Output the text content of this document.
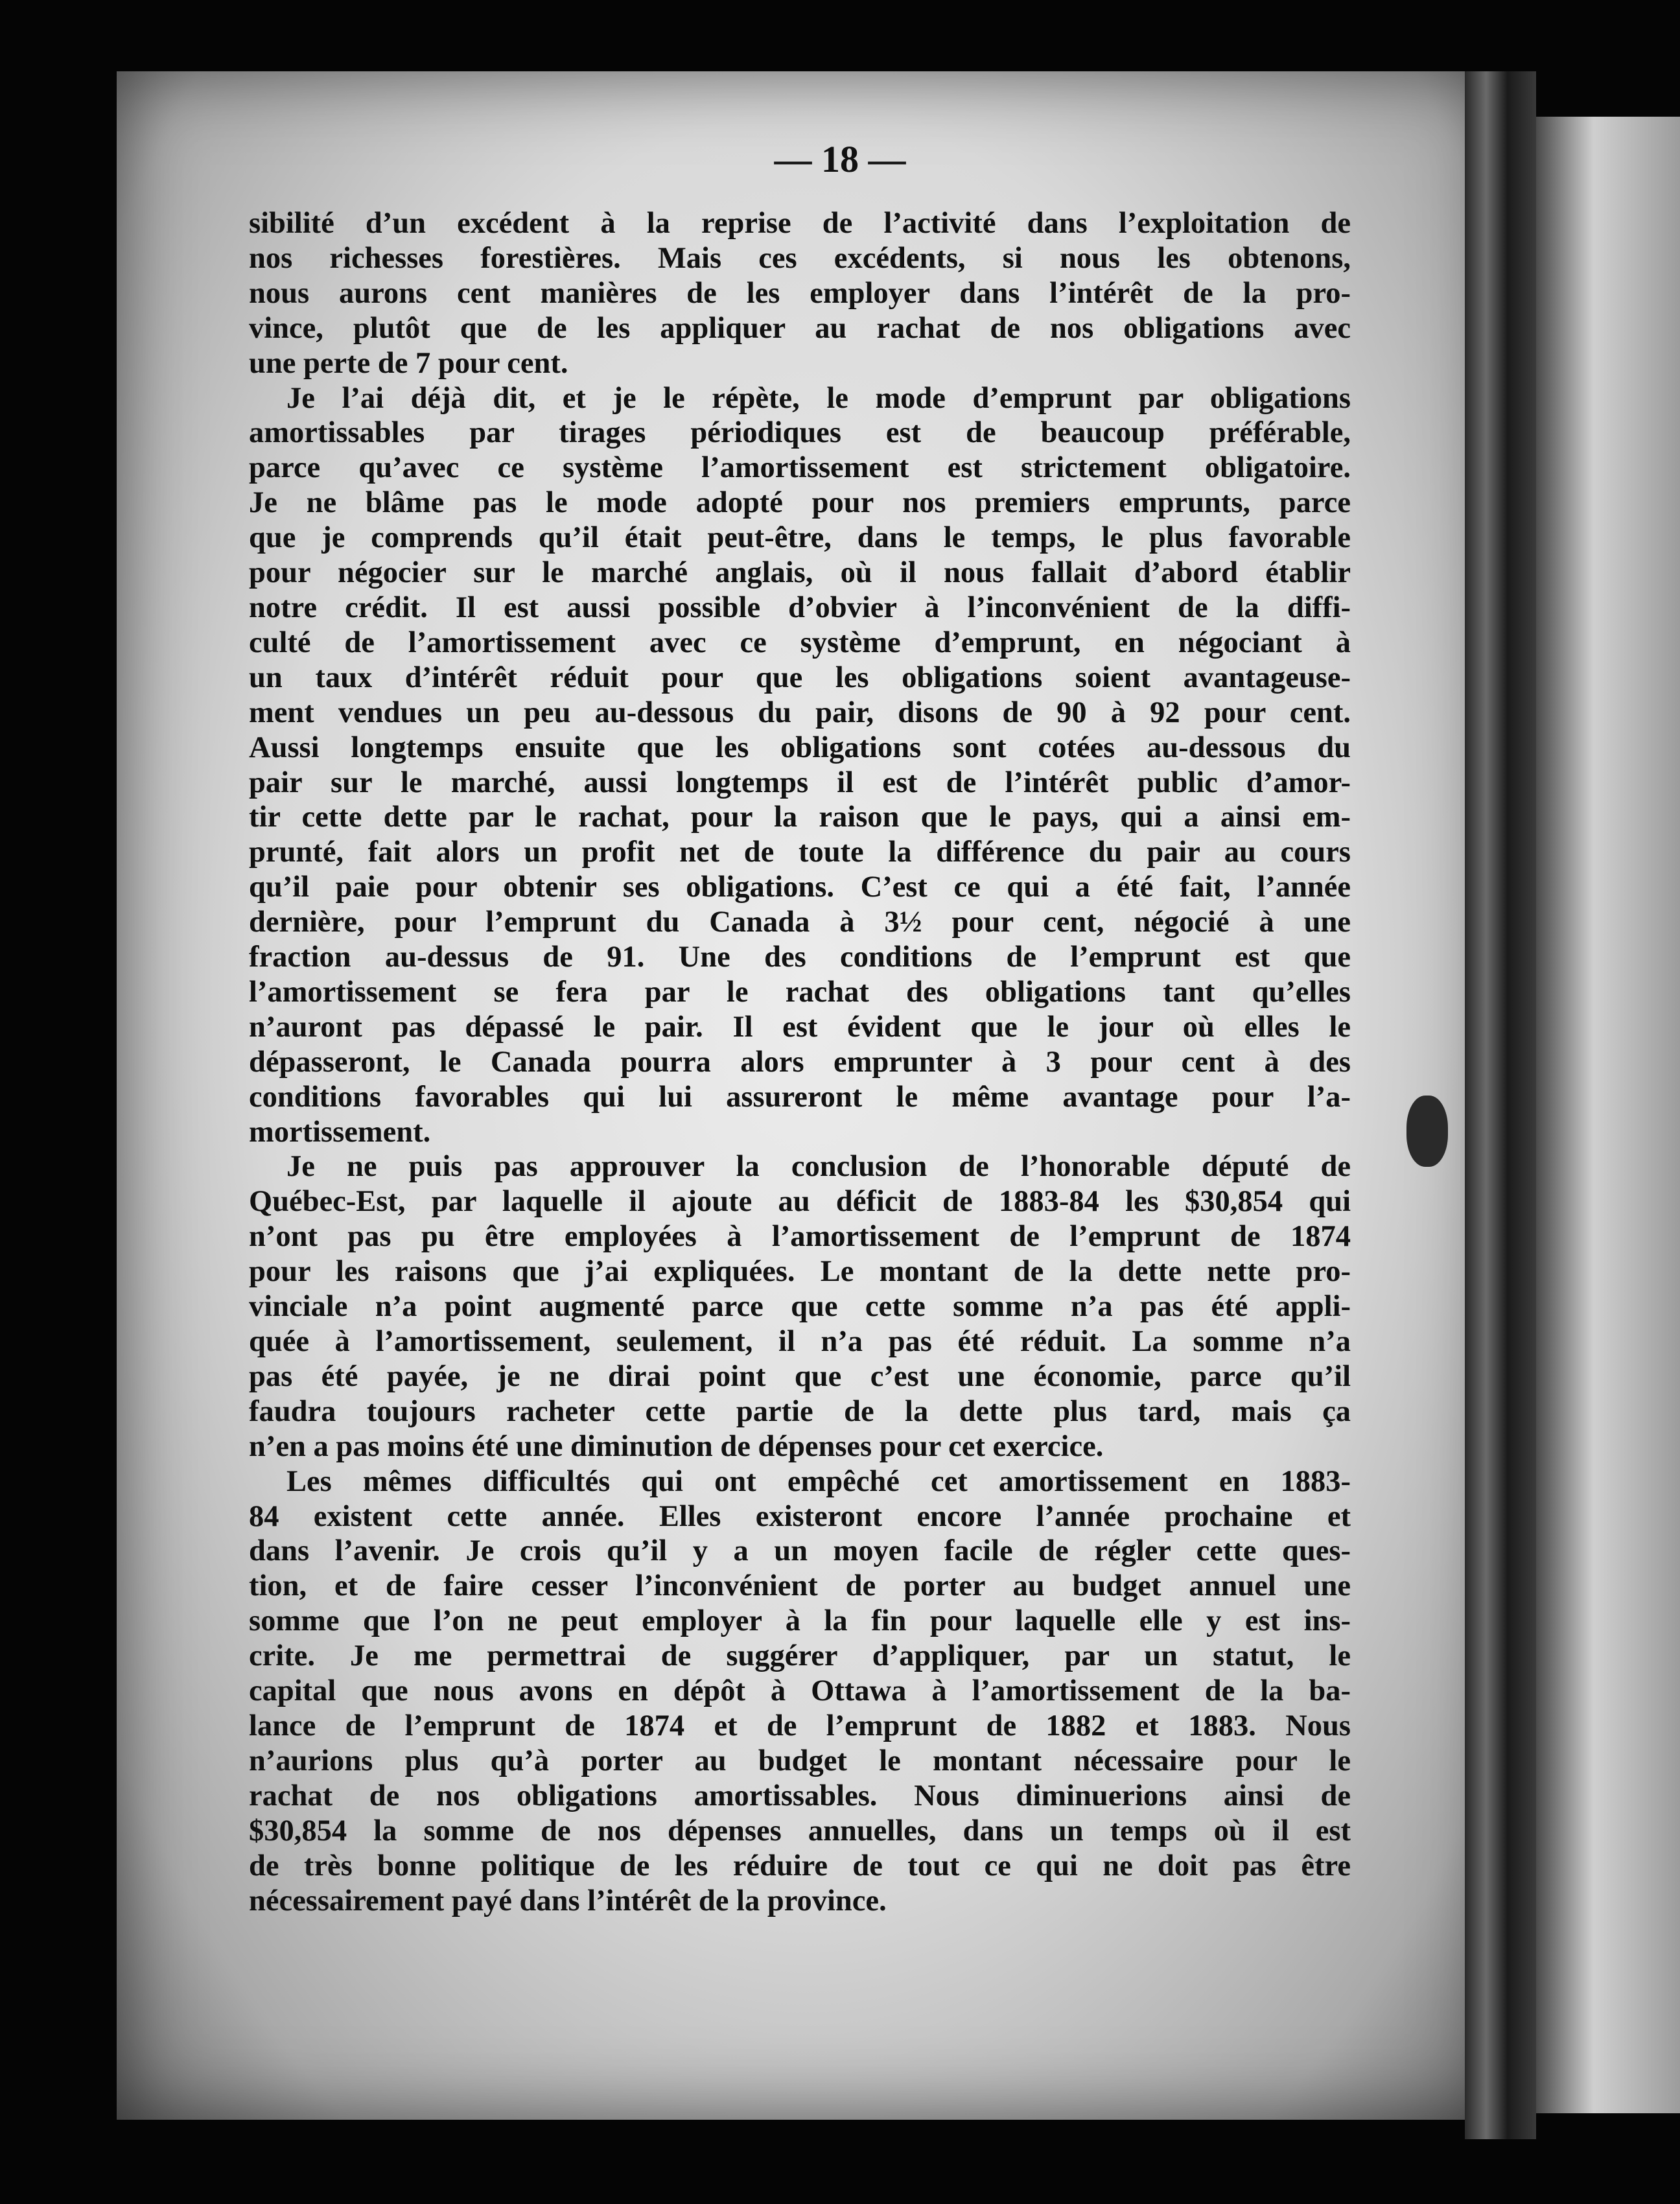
— 18 —
sibilité d’un excédent à la reprise de l’activité dans l’exploitation de
nos richesses forestières. Mais ces excédents, si nous les obtenons,
nous aurons cent manières de les employer dans l’intérêt de la pro-
vince, plutôt que de les appliquer au rachat de nos obligations avec
une perte de 7 pour cent.
Je l’ai déjà dit, et je le répète, le mode d’emprunt par obligations
amortissables par tirages périodiques est de beaucoup préférable,
parce qu’avec ce système l’amortissement est strictement obligatoire.
Je ne blâme pas le mode adopté pour nos premiers emprunts, parce
que je comprends qu’il était peut-être, dans le temps, le plus favorable
pour négocier sur le marché anglais, où il nous fallait d’abord établir
notre crédit. Il est aussi possible d’obvier à l’inconvénient de la diffi-
culté de l’amortissement avec ce système d’emprunt, en négociant à
un taux d’intérêt réduit pour que les obligations soient avantageuse-
ment vendues un peu au-dessous du pair, disons de 90 à 92 pour cent.
Aussi longtemps ensuite que les obligations sont cotées au-dessous du
pair sur le marché, aussi longtemps il est de l’intérêt public d’amor-
tir cette dette par le rachat, pour la raison que le pays, qui a ainsi em-
prunté, fait alors un profit net de toute la différence du pair au cours
qu’il paie pour obtenir ses obligations. C’est ce qui a été fait, l’année
dernière, pour l’emprunt du Canada à 3½ pour cent, négocié à une
fraction au-dessus de 91. Une des conditions de l’emprunt est que
l’amortissement se fera par le rachat des obligations tant qu’elles
n’auront pas dépassé le pair. Il est évident que le jour où elles le
dépasseront, le Canada pourra alors emprunter à 3 pour cent à des
conditions favorables qui lui assureront le même avantage pour l’a-
mortissement.
Je ne puis pas approuver la conclusion de l’honorable député de
Québec-Est, par laquelle il ajoute au déficit de 1883-84 les $30,854 qui
n’ont pas pu être employées à l’amortissement de l’emprunt de 1874
pour les raisons que j’ai expliquées. Le montant de la dette nette pro-
vinciale n’a point augmenté parce que cette somme n’a pas été appli-
quée à l’amortissement, seulement, il n’a pas été réduit. La somme n’a
pas été payée, je ne dirai point que c’est une économie, parce qu’il
faudra toujours racheter cette partie de la dette plus tard, mais ça
n’en a pas moins été une diminution de dépenses pour cet exercice.
Les mêmes difficultés qui ont empêché cet amortissement en 1883-
84 existent cette année. Elles existeront encore l’année prochaine et
dans l’avenir. Je crois qu’il y a un moyen facile de régler cette ques-
tion, et de faire cesser l’inconvénient de porter au budget annuel une
somme que l’on ne peut employer à la fin pour laquelle elle y est ins-
crite. Je me permettrai de suggérer d’appliquer, par un statut, le
capital que nous avons en dépôt à Ottawa à l’amortissement de la ba-
lance de l’emprunt de 1874 et de l’emprunt de 1882 et 1883. Nous
n’aurions plus qu’à porter au budget le montant nécessaire pour le
rachat de nos obligations amortissables. Nous diminuerions ainsi de
$30,854 la somme de nos dépenses annuelles, dans un temps où il est
de très bonne politique de les réduire de tout ce qui ne doit pas être
nécessairement payé dans l’intérêt de la province.
